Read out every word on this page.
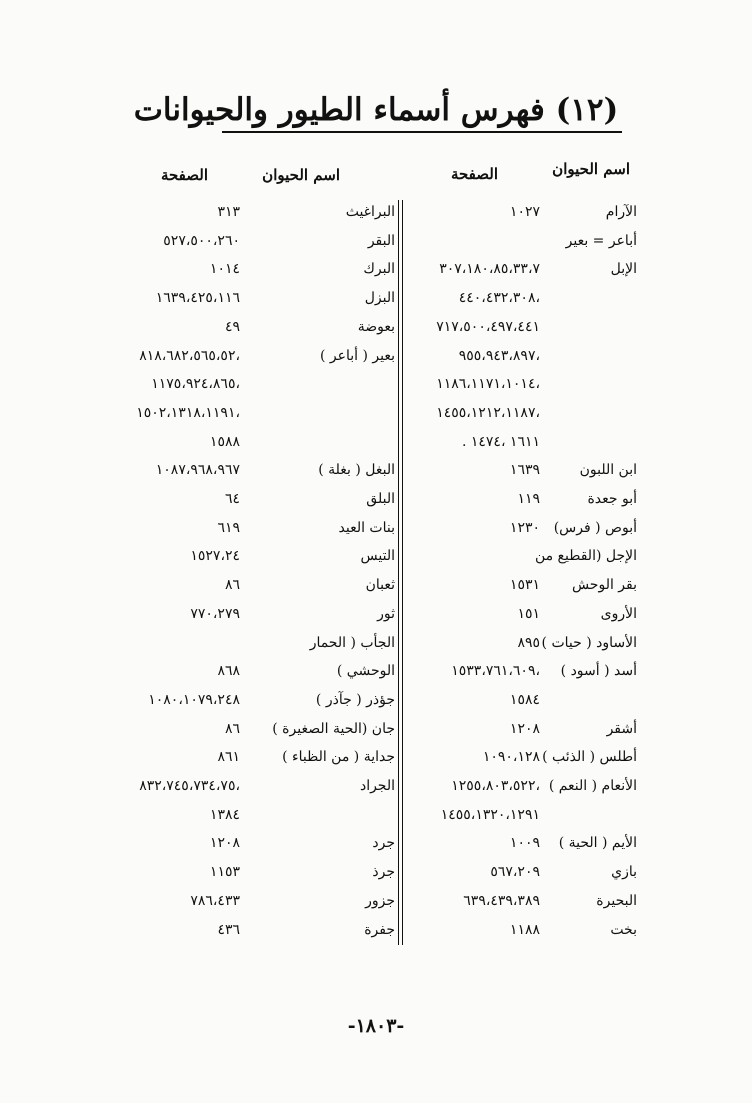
(١٢) فهرس أسماء الطيور والحيوانات
اسم الحيوان
الصفحة
اسم الحيوان
الصفحة
الآرام
١٠٢٧
أباعر = بعير
الإبل
٣٠٧،١٨٠،٨٥،٣٣،٧
،٤٤٠،٤٣٢،٣٠٨
٧١٧،٥٠٠،٤٩٧،٤٤١
،٩٥٥،٩٤٣،٨٩٧
،١١٨٦،١١٧١،١٠١٤
،١٤٥٥،١٢١٢،١١٨٧
١٦١١ ،١٤٧٤ .
ابن اللبون
١٦٣٩
أبو جعدة
١١٩
أبوص ( فرس)
١٢٣٠
الإجل (القطيع من
بقر الوحش
١٥٣١
الأروى
١٥١
الأساود ( حيات )
٨٩٥
أسد ( أسود )
،١٥٣٣،٧٦١،٦٠٩
١٥٨٤
أشقر
١٢٠٨
أطلس ( الذئب )
١٠٩٠،١٢٨
الأنعام ( النعم )
،١٢٥٥،٨٠٣،٥٢٢
١٤٥٥،١٣٢٠،١٢٩١
الأيم ( الحية )
١٠٠٩
بازي
٥٦٧،٢٠٩
البحيرة
٦٣٩،٤٣٩،٣٨٩
بخت
١١٨٨
البراغيث
٣١٣
البقر
٥٢٧،٥٠٠،٢٦٠
البرك
١٠١٤
البزل
١٦٣٩،٤٢٥،١١٦
بعوضة
٤٩
بعير ( أباعر )
،٨١٨،٦٨٢،٥٦٥،٥٢
،١١٧٥،٩٢٤،٨٦٥
،١٥٠٢،١٣١٨،١١٩١
١٥٨٨
البغل ( بغلة )
١٠٨٧،٩٦٨،٩٦٧
البلق
٦٤
بنات العيد
٦١٩
التيس
١٥٢٧،٢٤
ثعبان
٨٦
ثور
٧٧٠،٢٧٩
الجأب ( الحمار
الوحشي )
٨٦٨
جؤذر ( جآذر )
١٠٨٠،١٠٧٩،٢٤٨
جان (الحية الصغيرة )
٨٦
جداية ( من الظباء )
٨٦١
الجراد
،٨٣٢،٧٤٥،٧٣٤،٧٥
١٣٨٤
جرد
١٢٠٨
جرذ
١١٥٣
جزور
٧٨٦،٤٣٣
جفرة
٤٣٦
-١٨٠٣-
